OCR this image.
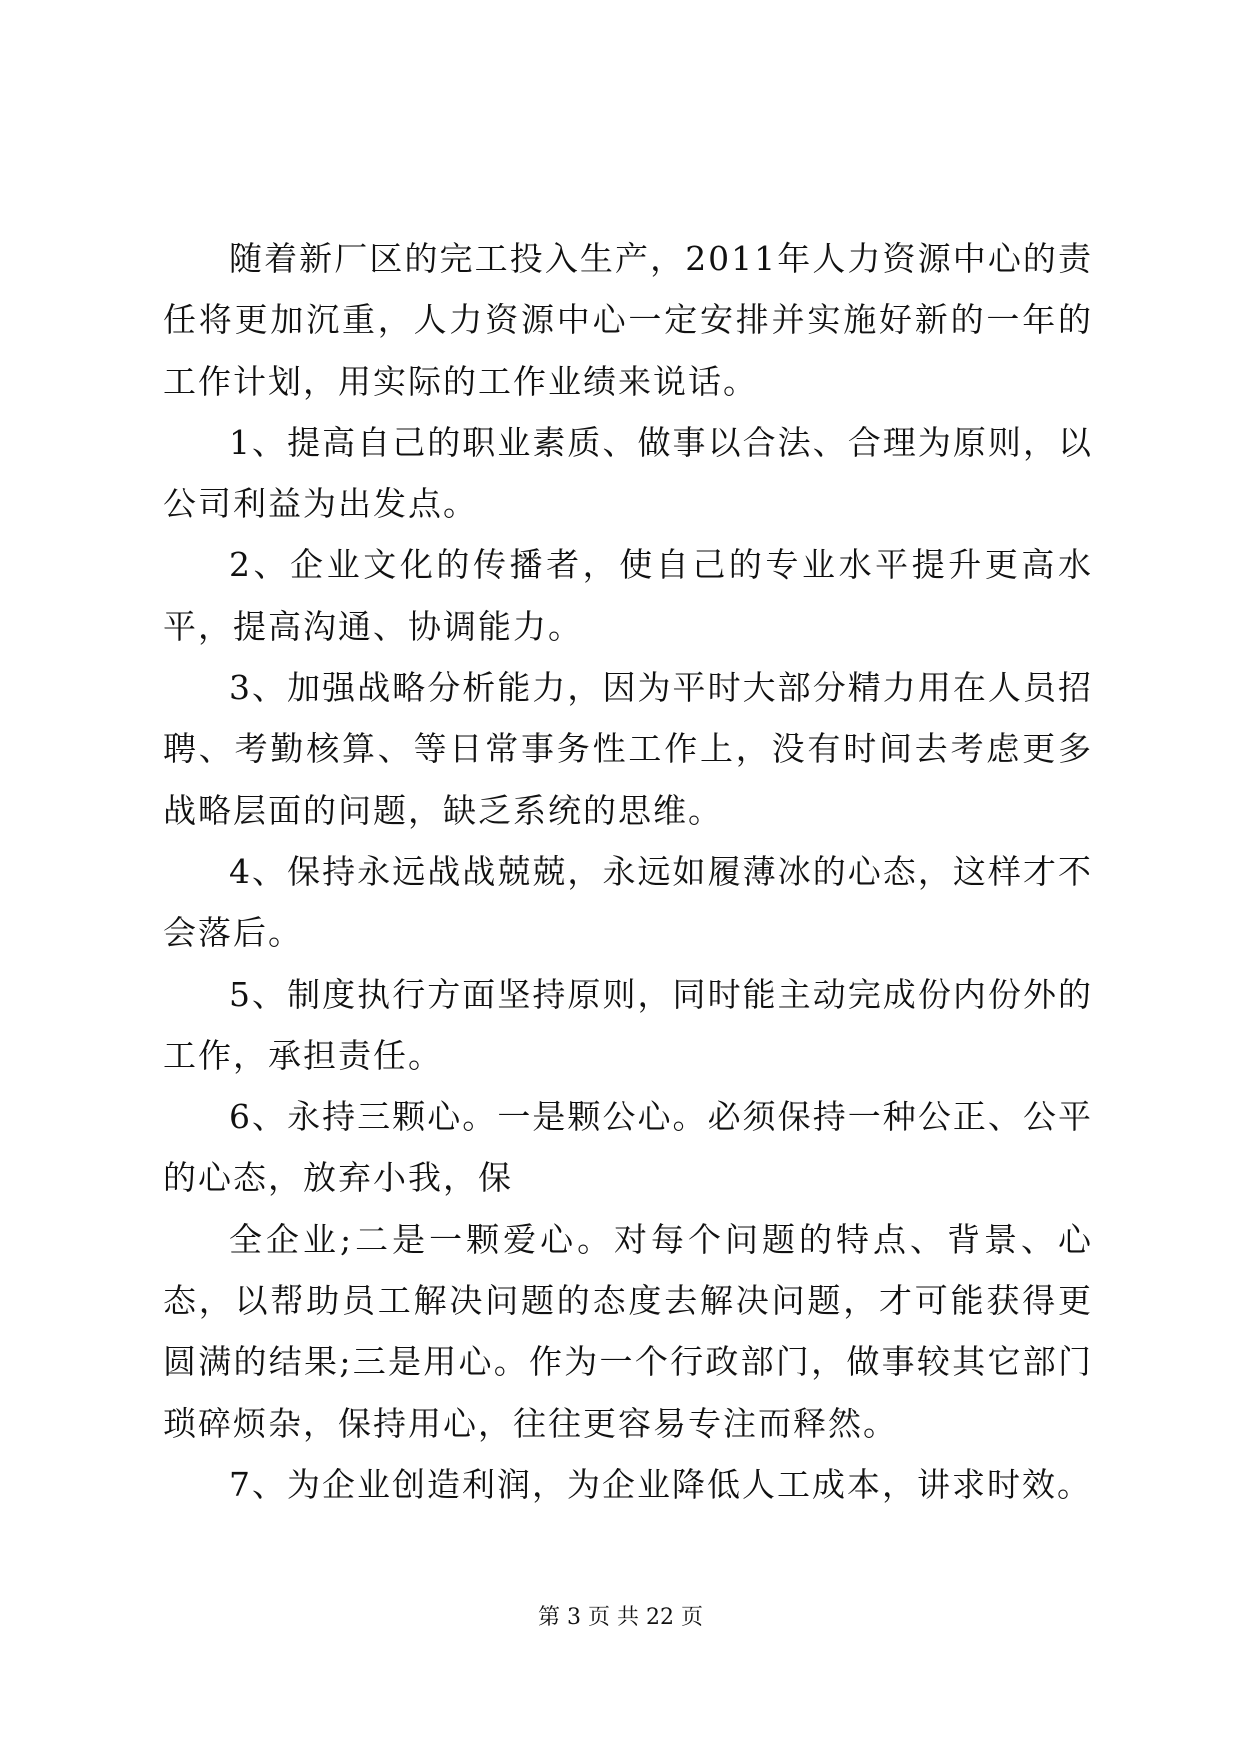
随着新厂区的完工投入生产，2011年人力资源中心的责任将更加沉重，人力资源中心一定安排并实施好新的一年的工作计划，用实际的工作业绩来说话。

1、提高自己的职业素质、做事以合法、合理为原则，以公司利益为出发点。

2、企业文化的传播者，使自己的专业水平提升更高水平，提高沟通、协调能力。

3、加强战略分析能力，因为平时大部分精力用在人员招聘、考勤核算、等日常事务性工作上，没有时间去考虑更多战略层面的问题，缺乏系统的思维。

4、保持永远战战兢兢，永远如履薄冰的心态，这样才不会落后。

5、制度执行方面坚持原则，同时能主动完成份内份外的工作，承担责任。

6、永持三颗心。一是颗公心。必须保持一种公正、公平的心态，放弃小我，保

全企业;二是一颗爱心。对每个问题的特点、背景、心态，以帮助员工解决问题的态度去解决问题，才可能获得更圆满的结果;三是用心。作为一个行政部门，做事较其它部门琐碎烦杂，保持用心，往往更容易专注而释然。

7、为企业创造利润，为企业降低人工成本，讲求时效。

第 3 页 共 22 页
